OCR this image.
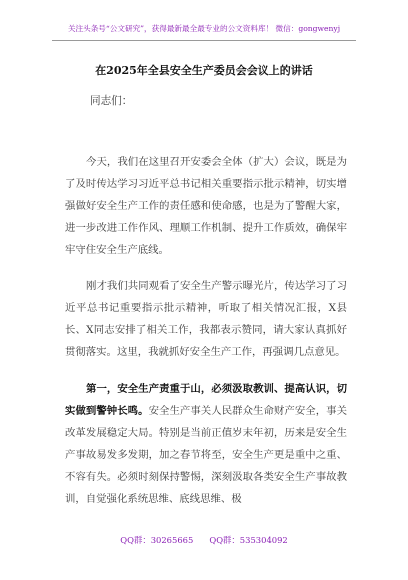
关注头条号“公文研究”，获得最新最全最专业的公文资料库！ 微信：gongwenyj
在2025年全县安全生产委员会会议上的讲话
同志们：

今天，我们在这里召开安委会全体（扩大）会议，既是为了及时传达学习习近平总书记相关重要指示批示精神，切实增强做好安全生产工作的责任感和使命感，也是为了警醒大家，进一步改进工作作风、理顺工作机制、提升工作质效，确保牢牢守住安全生产底线。

刚才我们共同观看了安全生产警示曝光片，传达学习了习近平总书记重要指示批示精神，听取了相关情况汇报，X县长、X同志安排了相关工作，我都表示赞同，请大家认真抓好贯彻落实。这里，我就抓好安全生产工作，再强调几点意见。

第一，安全生产责重于山，必须汲取教训、提高认识，切实做到警钟长鸣。安全生产事关人民群众生命财产安全，事关改革发展稳定大局。特别是当前正值岁末年初，历来是安全生产事故易发多发期，加之春节将至，安全生产更是重中之重、不容有失。必须时刻保持警惕，深刻汲取各类安全生产事故教训，自觉强化系统思维、底线思维、极

QQ群：30265665 QQ群：535304092
